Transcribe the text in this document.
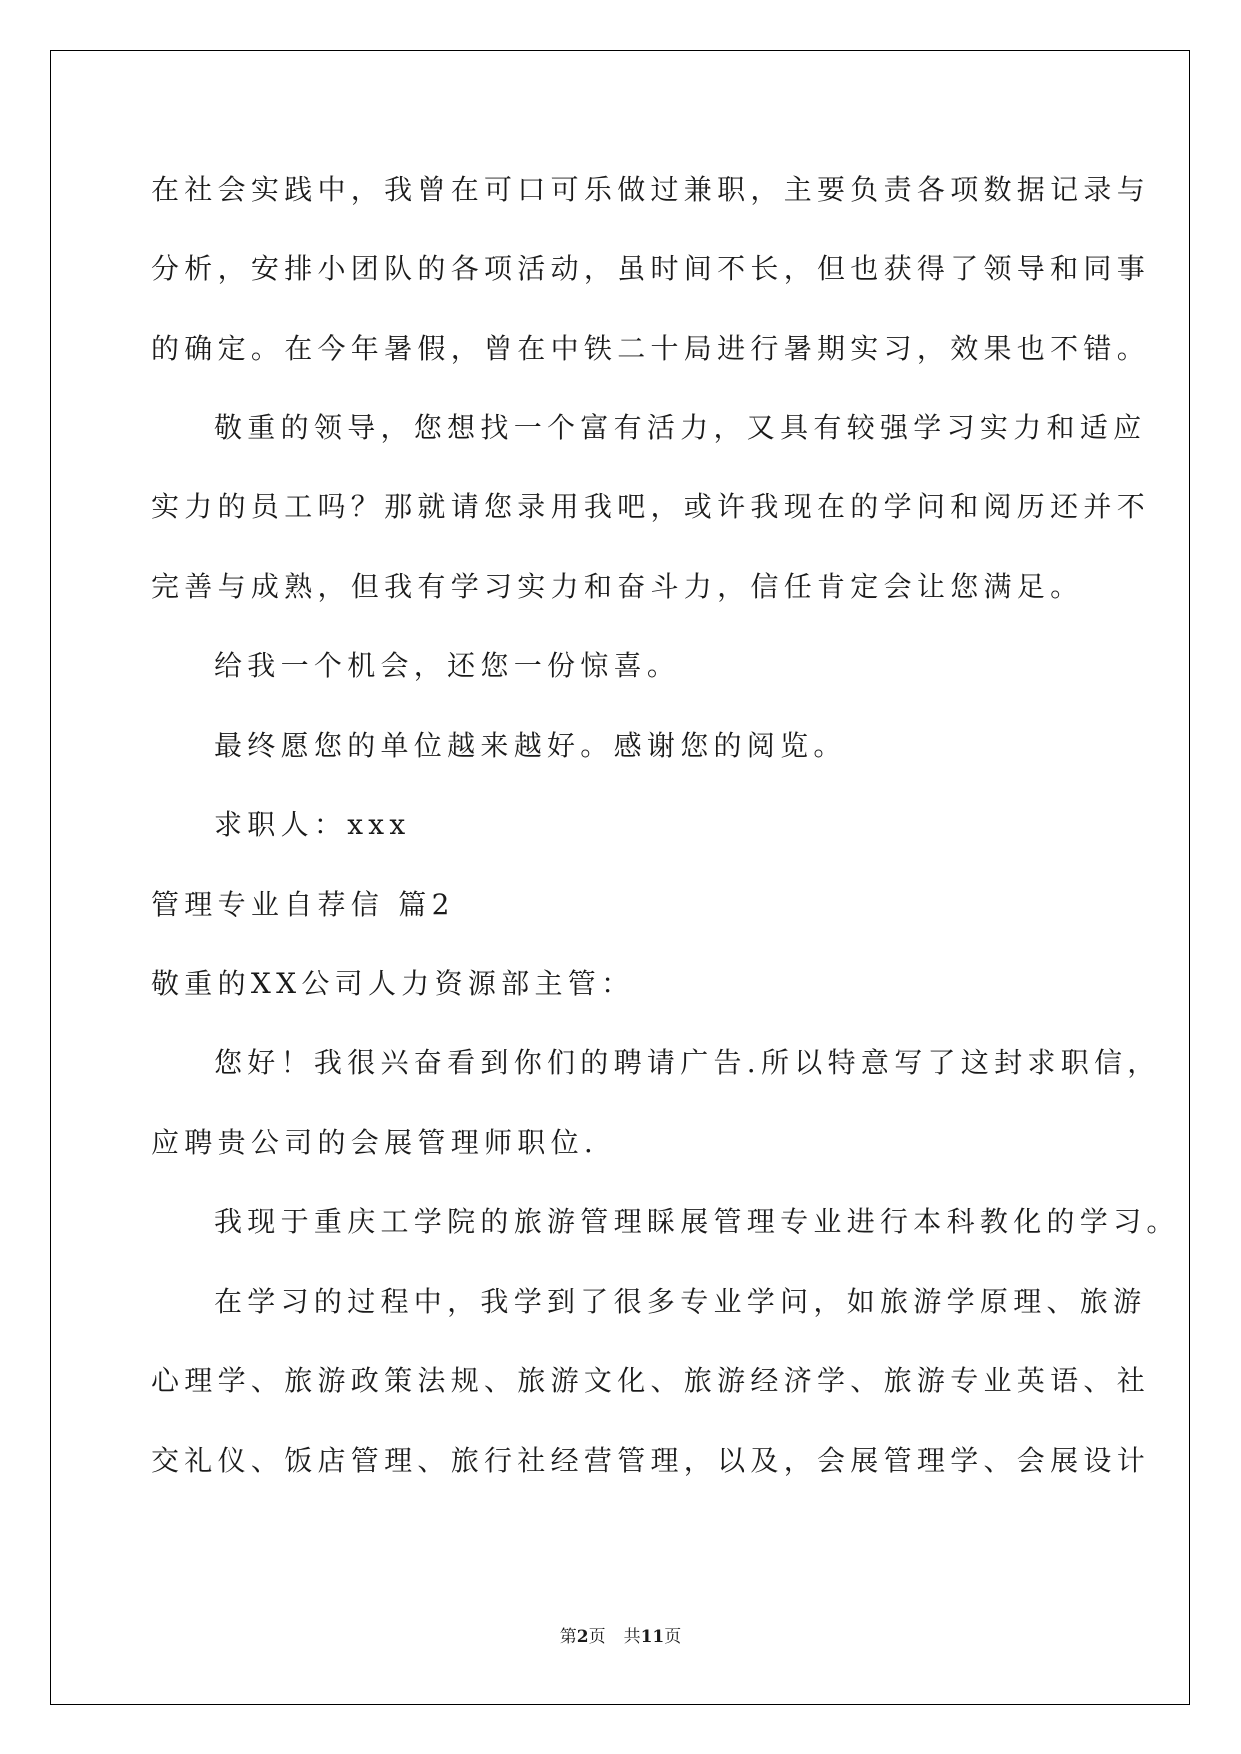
在社会实践中，我曾在可口可乐做过兼职，主要负责各项数据记录与
分析，安排小团队的各项活动，虽时间不长，但也获得了领导和同事
的确定。在今年暑假，曾在中铁二十局进行暑期实习，效果也不错。
敬重的领导，您想找一个富有活力，又具有较强学习实力和适应
实力的员工吗？那就请您录用我吧，或许我现在的学问和阅历还并不
完善与成熟，但我有学习实力和奋斗力，信任肯定会让您满足。
给我一个机会，还您一份惊喜。
最终愿您的单位越来越好。感谢您的阅览。
求职人：xxx
管理专业自荐信 篇2
敬重的XX公司人力资源部主管：
您好！我很兴奋看到你们的聘请广告.所以特意写了这封求职信，
应聘贵公司的会展管理师职位.
我现于重庆工学院的旅游管理睬展管理专业进行本科教化的学习。
在学习的过程中，我学到了很多专业学问，如旅游学原理、旅游
心理学、旅游政策法规、旅游文化、旅游经济学、旅游专业英语、社
交礼仪、饭店管理、旅行社经营管理，以及，会展管理学、会展设计
第2页 共11页
